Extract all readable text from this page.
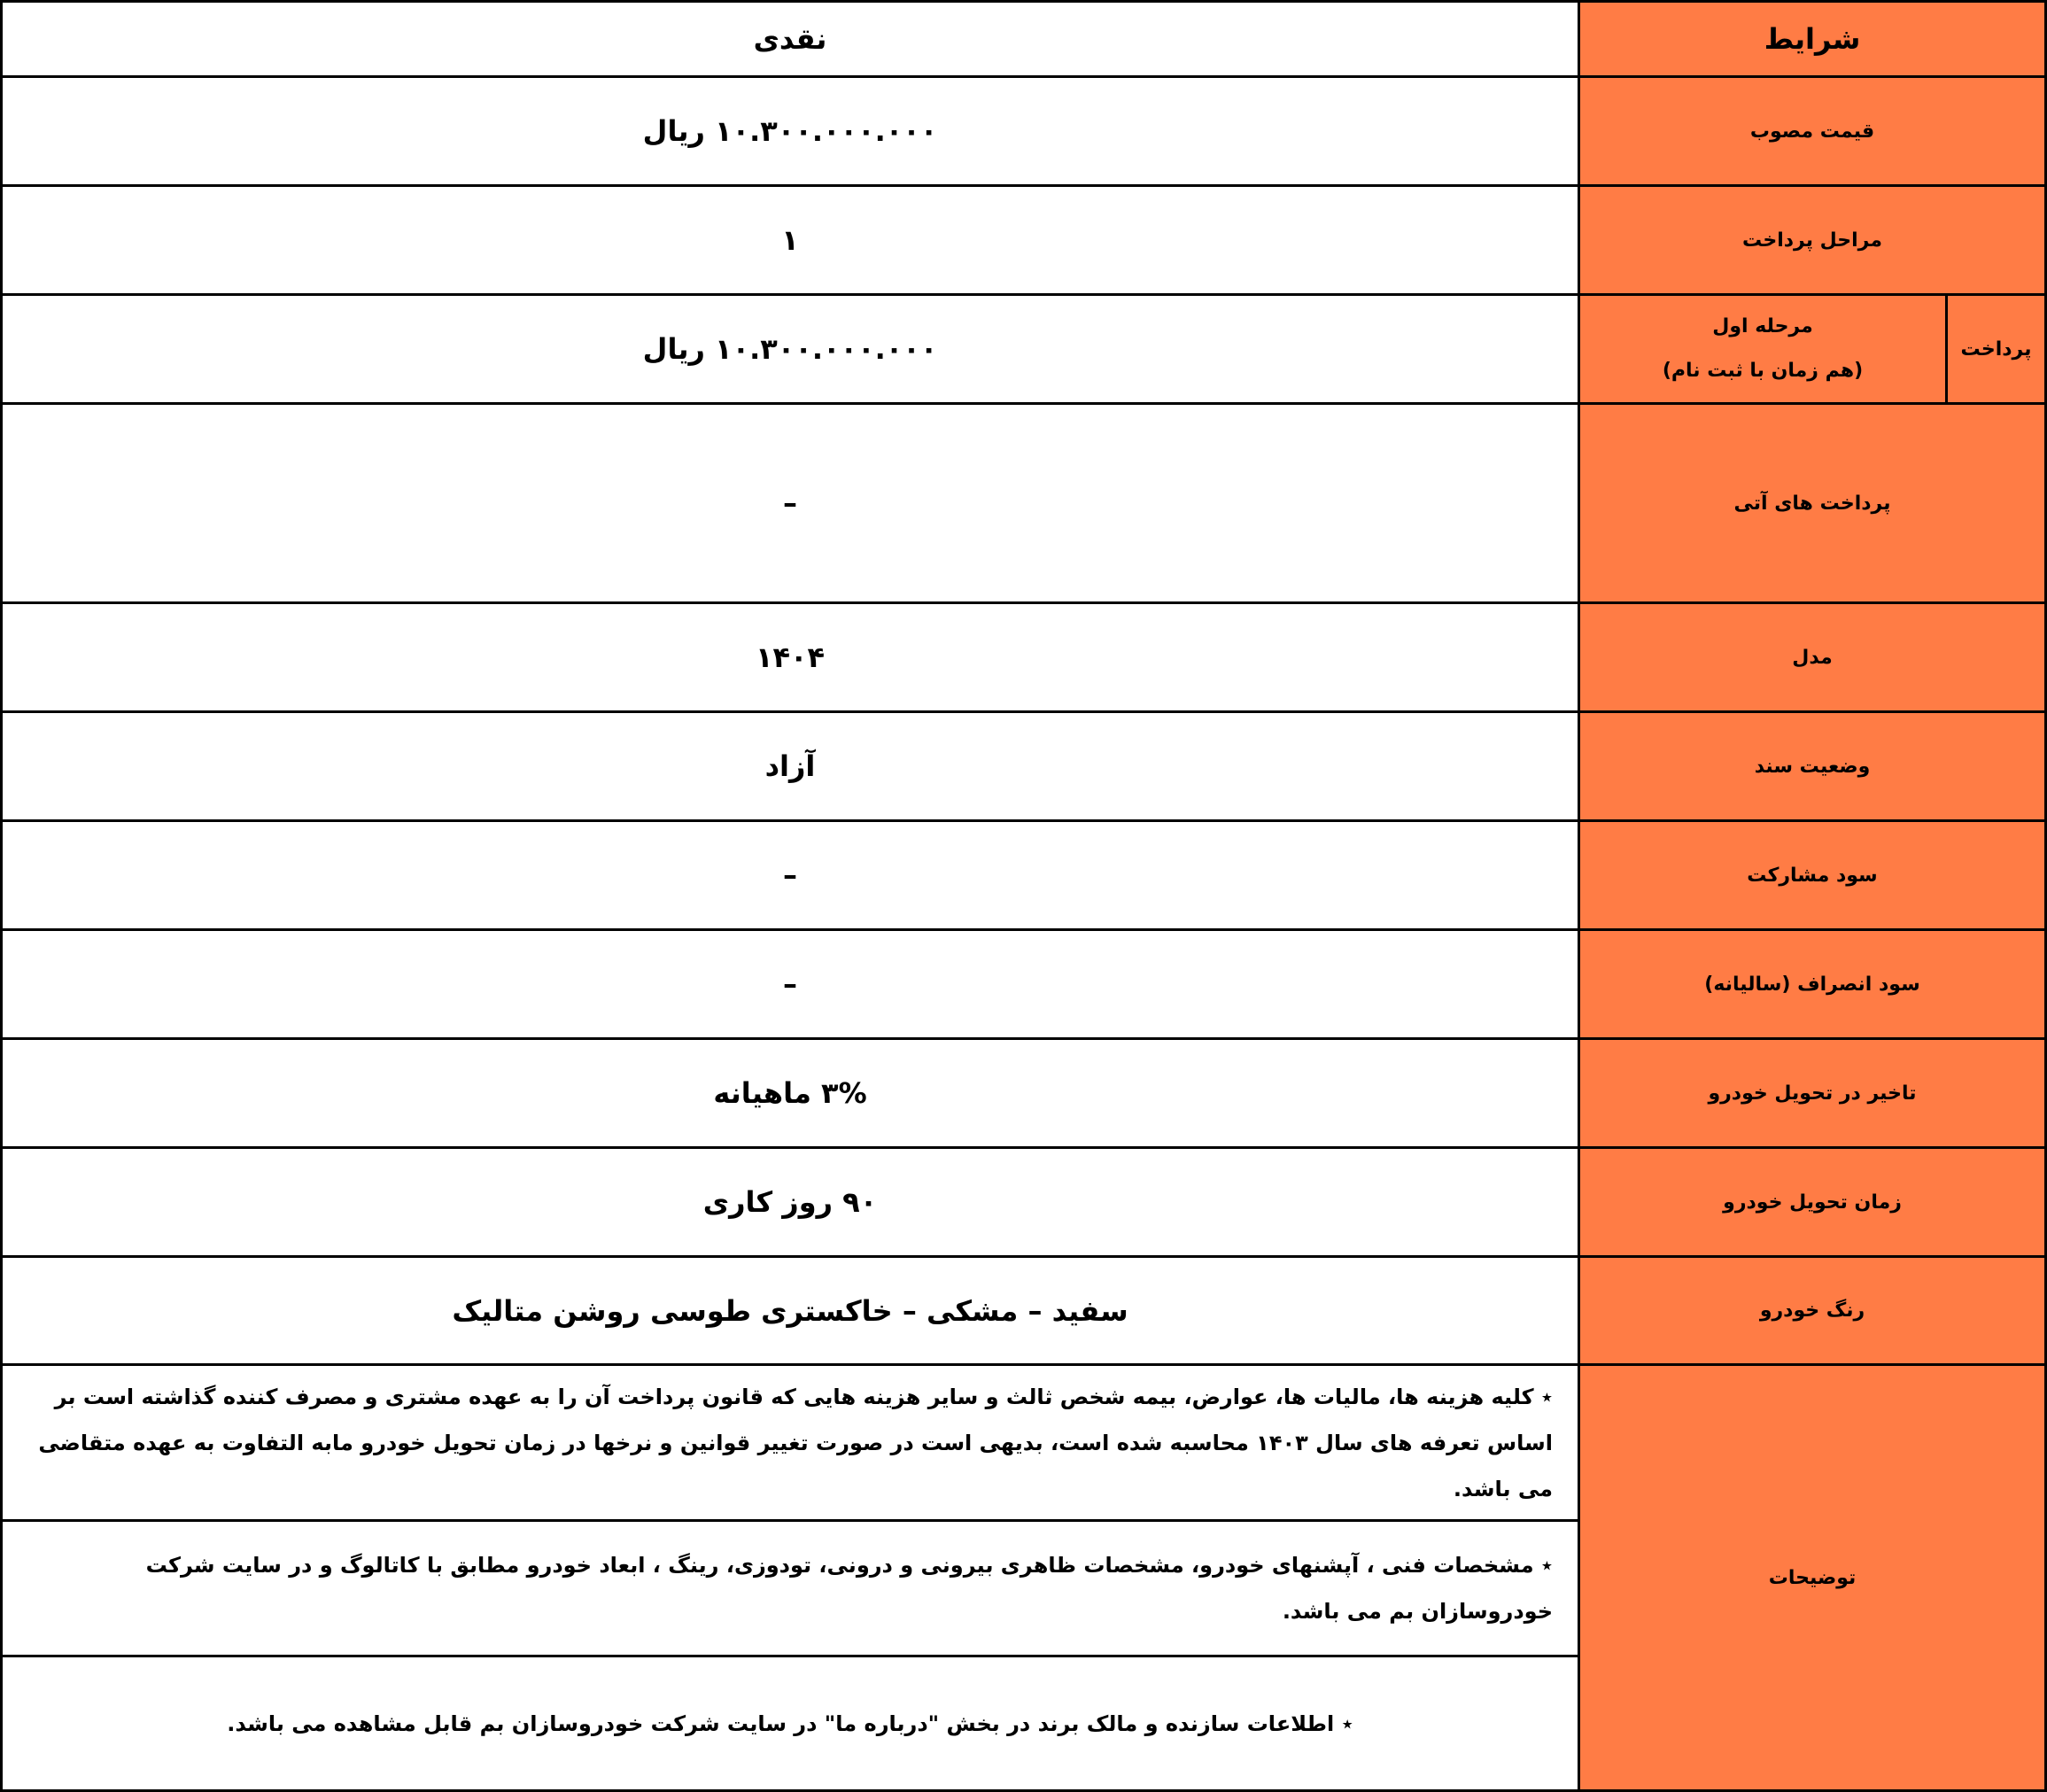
شرایط
نقدی
قیمت مصوب
۱۰.۳۰۰.۰۰۰.۰۰۰ ریال
مراحل پرداخت
۱
پرداخت
مرحله اول
(هم زمان با ثبت نام)
۱۰.۳۰۰.۰۰۰.۰۰۰ ریال
پرداخت های آتی
–
مدل
۱۴۰۴
وضعیت سند
آزاد
سود مشارکت
–
سود انصراف (سالیانه)
–
تاخیر در تحویل خودرو
۳% ماهیانه
زمان تحویل خودرو
۹۰ روز کاری
رنگ خودرو
سفید – مشکی – خاکستری طوسی روشن متالیک
توضیحات
٭ کلیه هزینه ها، مالیات ها، عوارض، بیمه شخص ثالث و سایر هزینه هایی که قانون پرداخت آن را به عهده مشتری و مصرف کننده گذاشته است بر اساس تعرفه های سال ۱۴۰۳ محاسبه شده است، بدیهی است در صورت تغییر قوانین و نرخها در زمان تحویل خودرو مابه التفاوت به عهده متقاضی می باشد.
٭ مشخصات فنی ، آپشنهای خودرو، مشخصات ظاهری بیرونی و درونی، تودوزی، رینگ ، ابعاد خودرو مطابق با کاتالوگ و در سایت شرکت خودروسازان بم می باشد.
٭ اطلاعات سازنده و مالک برند در بخش "درباره ما" در سایت شرکت خودروسازان بم قابل مشاهده می باشد.
